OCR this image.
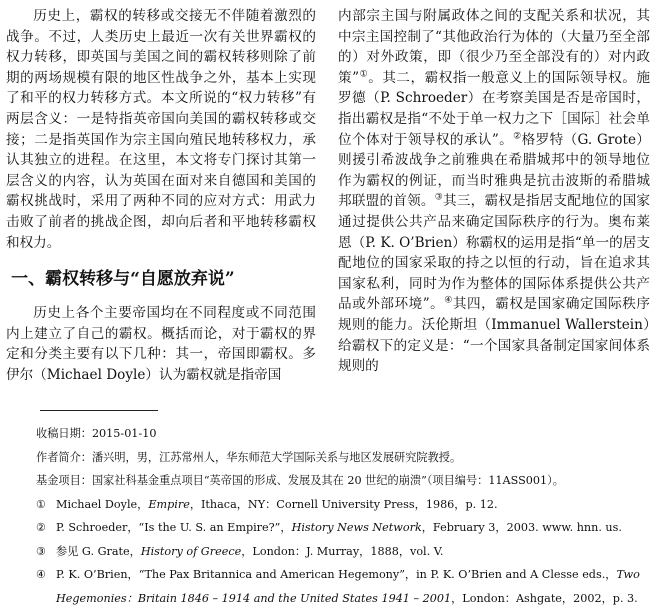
历史上，霸权的转移或交接无不伴随着激烈的战争。不过，人类历史上最近一次有关世界霸权的权力转移，即英国与美国之间的霸权转移则除了前期的两场规模有限的地区性战争之外，基本上实现了和平的权力转移方式。本文所说的“权力转移”有两层含义：一是特指英帝国向美国的霸权转移或交接；二是指英国作为宗主国向殖民地转移权力，承认其独立的进程。在这里，本文将专门探讨其第一层含义的内容，认为英国在面对来自德国和美国的霸权挑战时，采用了两种不同的应对方式：用武力击败了前者的挑战企图，却向后者和平地转移霸权和权力。

一、霸权转移与“自愿放弃说”

历史上各个主要帝国均在不同程度或不同范围内上建立了自己的霸权。概括而论，对于霸权的界定和分类主要有以下几种：其一，帝国即霸权。多伊尔（Michael Doyle）认为霸权就是指帝国

内部宗主国与附属政体之间的支配关系和状况，其中宗主国控制了“其他政治行为体的（大量乃至全部的）对外政策，即（很少乃至全部没有的）对内政策”①。其二，霸权指一般意义上的国际领导权。施罗德（P. Schroeder）在考察美国是否是帝国时，指出霸权是指“不处于单一权力之下［国际］社会单位个体对于领导权的承认”。②格罗特（G. Grote）则援引希波战争之前雅典在希腊城邦中的领导地位作为霸权的例证，而当时雅典是抗击波斯的希腊城邦联盟的首领。③其三，霸权是指居支配地位的国家通过提供公共产品来确定国际秩序的行为。奥布莱恩（P. K. O’Brien）称霸权的运用是指“单一的居支配地位的国家采取的持之以恒的行动，旨在追求其国家私利，同时为作为整体的国际体系提供公共产品或外部环境”。④其四，霸权是国家确定国际秩序规则的能力。沃伦斯坦（Immanuel Wallerstein）给霸权下的定义是：“一个国家具备制定国家间体系规则的

收稿日期：2015-01-10
作者简介：潘兴明，男，江苏常州人，华东师范大学国际关系与地区发展研究院教授。
基金项目：国家社科基金重点项目“英帝国的形成、发展及其在 20 世纪的崩溃”（项目编号：11ASS001）。
① Michael Doyle，Empire，Ithaca，NY：Cornell University Press，1986，p. 12.
② P. Schroeder，“Is the U. S. an Empire?”，History News Network，February 3，2003. www. hnn. us.
③ 参见 G. Grate，History of Greece，London：J. Murray，1888，vol. V.
④ P. K. O’Brien，“The Pax Britannica and American Hegemony”，in P. K. O’Brien and A Clesse eds.，Two Hegemonies：Britain 1846 – 1914 and the United States 1941 – 2001，London：Ashgate，2002，p. 3.
